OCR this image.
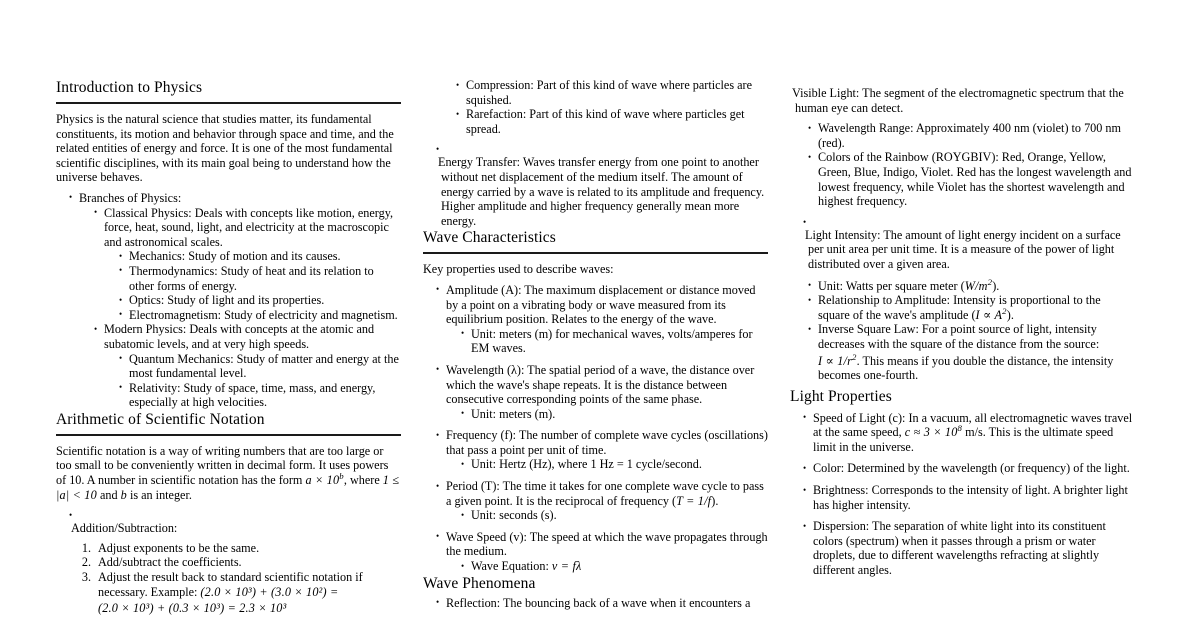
Introduction to Physics

Physics is the natural science that studies matter, its fundamental constituents, its motion and behavior through space and time, and the related entities of energy and force. It is one of the most fundamental scientific disciplines, with its main goal being to understand how the universe behaves.

• Branches of Physics:
• Classical Physics: Deals with concepts like motion, energy, force, heat, sound, light, and electricity at the macroscopic and astronomical scales.
• Mechanics: Study of motion and its causes.
• Thermodynamics: Study of heat and its relation to other forms of energy.
• Optics: Study of light and its properties.
• Electromagnetism: Study of electricity and magnetism.
• Modern Physics: Deals with concepts at the atomic and subatomic levels, and at very high speeds.
• Quantum Mechanics: Study of matter and energy at the most fundamental level.
• Relativity: Study of space, time, mass, and energy, especially at high velocities.
Arithmetic of Scientific Notation

Scientific notation is a way of writing numbers that are too large or too small to be conveniently written in decimal form. It uses powers of 10. A number in scientific notation has the form $a \times 10^b$, where 1 ≤ |a| < 10 and b is an integer.

•
Addition/Subtraction:
Adjust exponents to be the same.
Add/subtract the coefficients.
Adjust the result back to standard scientific notation if necessary. Example: (2.0 × 10³) + (3.0 × 10²) =
(2.0 × 10³) + (0.3 × 10³) = 2.3 × 10³
• Compression: Part of this kind of wave where particles are squished.
• Rarefaction: Part of this kind of wave where particles get spread.
•
Energy Transfer: Waves transfer energy from one point to another without net displacement of the medium itself. The amount of energy carried by a wave is related to its amplitude and frequency. Higher amplitude and higher frequency generally mean more energy.
Wave Characteristics

Key properties used to describe waves:

• Amplitude (A): The maximum displacement or distance moved by a point on a vibrating body or wave measured from its equilibrium position. Relates to the energy of the wave.
• Unit: meters (m) for mechanical waves, volts/amperes for EM waves.
• Wavelength (λ): The spatial period of a wave, the distance over which the wave's shape repeats. It is the distance between consecutive corresponding points of the same phase.
• Unit: meters (m).
• Frequency (f): The number of complete wave cycles (oscillations) that pass a point per unit of time.
• Unit: Hertz (Hz), where 1 Hz = 1 cycle/second.
• Period (T): The time it takes for one complete wave cycle to pass a given point. It is the reciprocal of frequency (T = 1/f).
• Unit: seconds (s).
• Wave Speed (v): The speed at which the wave propagates through the medium.
• Wave Equation: v = fλ
Wave Phenomena
• Reflection: The bouncing back of a wave when it encounters a

Visible Light: The segment of the electromagnetic spectrum that the human eye can detect.

• Wavelength Range: Approximately 400 nm (violet) to 700 nm (red).
• Colors of the Rainbow (ROYGBIV): Red, Orange, Yellow, Green, Blue, Indigo, Violet. Red has the longest wavelength and lowest frequency, while Violet has the shortest wavelength and highest frequency.
•
Light Intensity: The amount of light energy incident on a surface per unit area per unit time. It is a measure of the power of light distributed over a given area.
• Unit: Watts per square meter $(W/m^2)$.
• Relationship to Amplitude: Intensity is proportional to the square of the wave's amplitude $(I \propto A^2)$.
• Inverse Square Law: For a point source of light, intensity decreases with the square of the distance from the source:
$I \propto 1/r^2$. This means if you double the distance, the intensity becomes one-fourth.
Light Properties
• Speed of Light (c): In a vacuum, all electromagnetic waves travel at the same speed, $c \approx 3 \times 10^8$ m/s. This is the ultimate speed limit in the universe.
• Color: Determined by the wavelength (or frequency) of the light.
• Brightness: Corresponds to the intensity of light. A brighter light has higher intensity.
• Dispersion: The separation of white light into its constituent colors (spectrum) when it passes through a prism or water droplets, due to different wavelengths refracting at slightly different angles.
